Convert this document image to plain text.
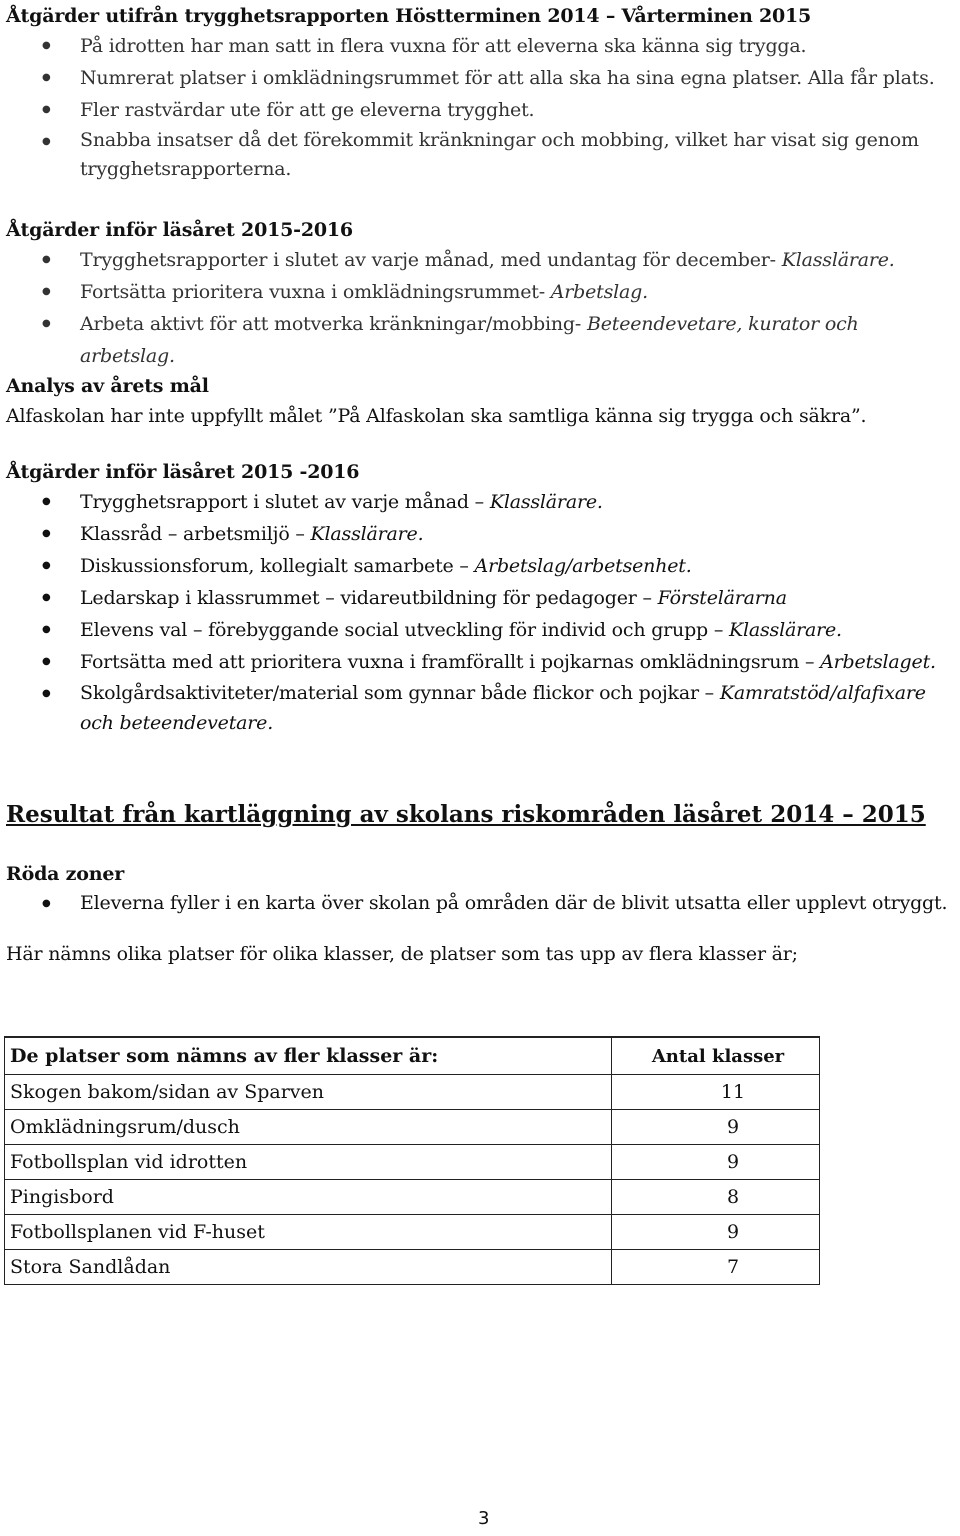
Åtgärder utifrån trygghetsrapporten Höstterminen 2014 – Vårterminen 2015

● På idrotten har man satt in flera vuxna för att eleverna ska känna sig trygga.
● Numrerat platser i omklädningsrummet för att alla ska ha sina egna platser. Alla får plats.
● Fler rastvärdar ute för att ge eleverna trygghet.
● Snabba insatser då det förekommit kränkningar och mobbing, vilket har visat sig genom trygghetsrapporterna.

Åtgärder inför läsåret 2015-2016

● Trygghetsrapporter i slutet av varje månad, med undantag för december- Klasslärare.
● Fortsätta prioritera vuxna i omklädningsrummet- Arbetslag.
● Arbeta aktivt för att motverka kränkningar/mobbing- Beteendevetare, kurator och arbetslag.

Analys av årets mål

Alfaskolan har inte uppfyllt målet ”På Alfaskolan ska samtliga känna sig trygga och säkra”.

Åtgärder inför läsåret 2015 -2016

● Trygghetsrapport i slutet av varje månad – Klasslärare.
● Klassråd – arbetsmiljö – Klasslärare.
● Diskussionsforum, kollegialt samarbete – Arbetslag/arbetsenhet.
● Ledarskap i klassrummet – vidareutbildning för pedagoger – Förstelärarna
● Elevens val – förebyggande social utveckling för individ och grupp – Klasslärare.
● Fortsätta med att prioritera vuxna i framförallt i pojkarnas omklädningsrum – Arbetslaget.
● Skolgårdsaktiviteter/material som gynnar både flickor och pojkar – Kamratstöd/alfafixare och beteendevetare.

Resultat från kartläggning av skolans riskområden läsåret 2014 – 2015

Röda zoner

● Eleverna fyller i en karta över skolan på områden där de blivit utsatta eller upplevt otryggt.

Här nämns olika platser för olika klasser, de platser som tas upp av flera klasser är;

De platser som nämns av fler klasser är:	Antal klasser
Skogen bakom/sidan av Sparven	11
Omklädningsrum/dusch	9
Fotbollsplan vid idrotten	9
Pingisbord	8
Fotbollsplanen vid F-huset	9
Stora Sandlådan	7
3
